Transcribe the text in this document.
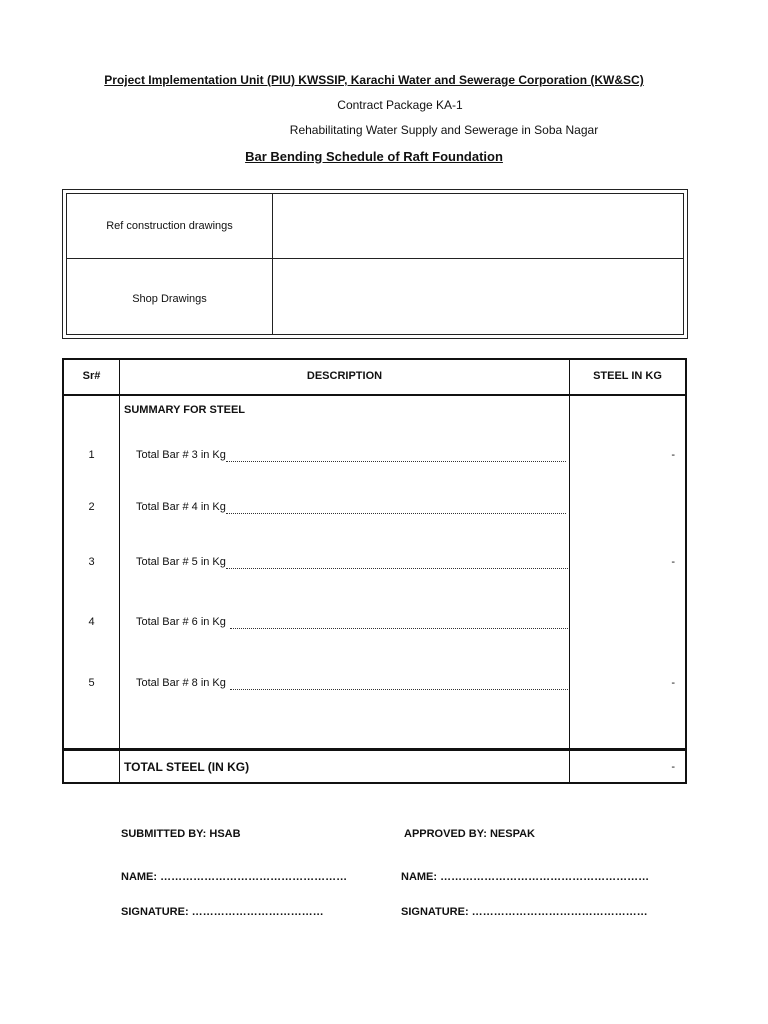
Project Implementation Unit (PIU) KWSSIP, Karachi Water and Sewerage Corporation (KW&SC)
Contract Package KA-1
Rehabilitating Water Supply and Sewerage in Soba Nagar
Bar Bending Schedule of Raft Foundation
Ref construction drawings
Shop Drawings
Sr#	DESCRIPTION	STEEL IN KG
SUMMARY FOR STEEL
1	Total Bar # 3 in Kg	-
2	Total Bar # 4 in Kg
3	Total Bar # 5 in Kg	-
4	Total Bar # 6 in Kg
5	Total Bar # 8 in Kg	-
TOTAL STEEL (IN KG)	-
SUBMITTED BY: HSAB	APPROVED BY: NESPAK
NAME: ……………………………………………	NAME: …………………………………………………
SIGNATURE: ………………………………	SIGNATURE: …………………………………………
